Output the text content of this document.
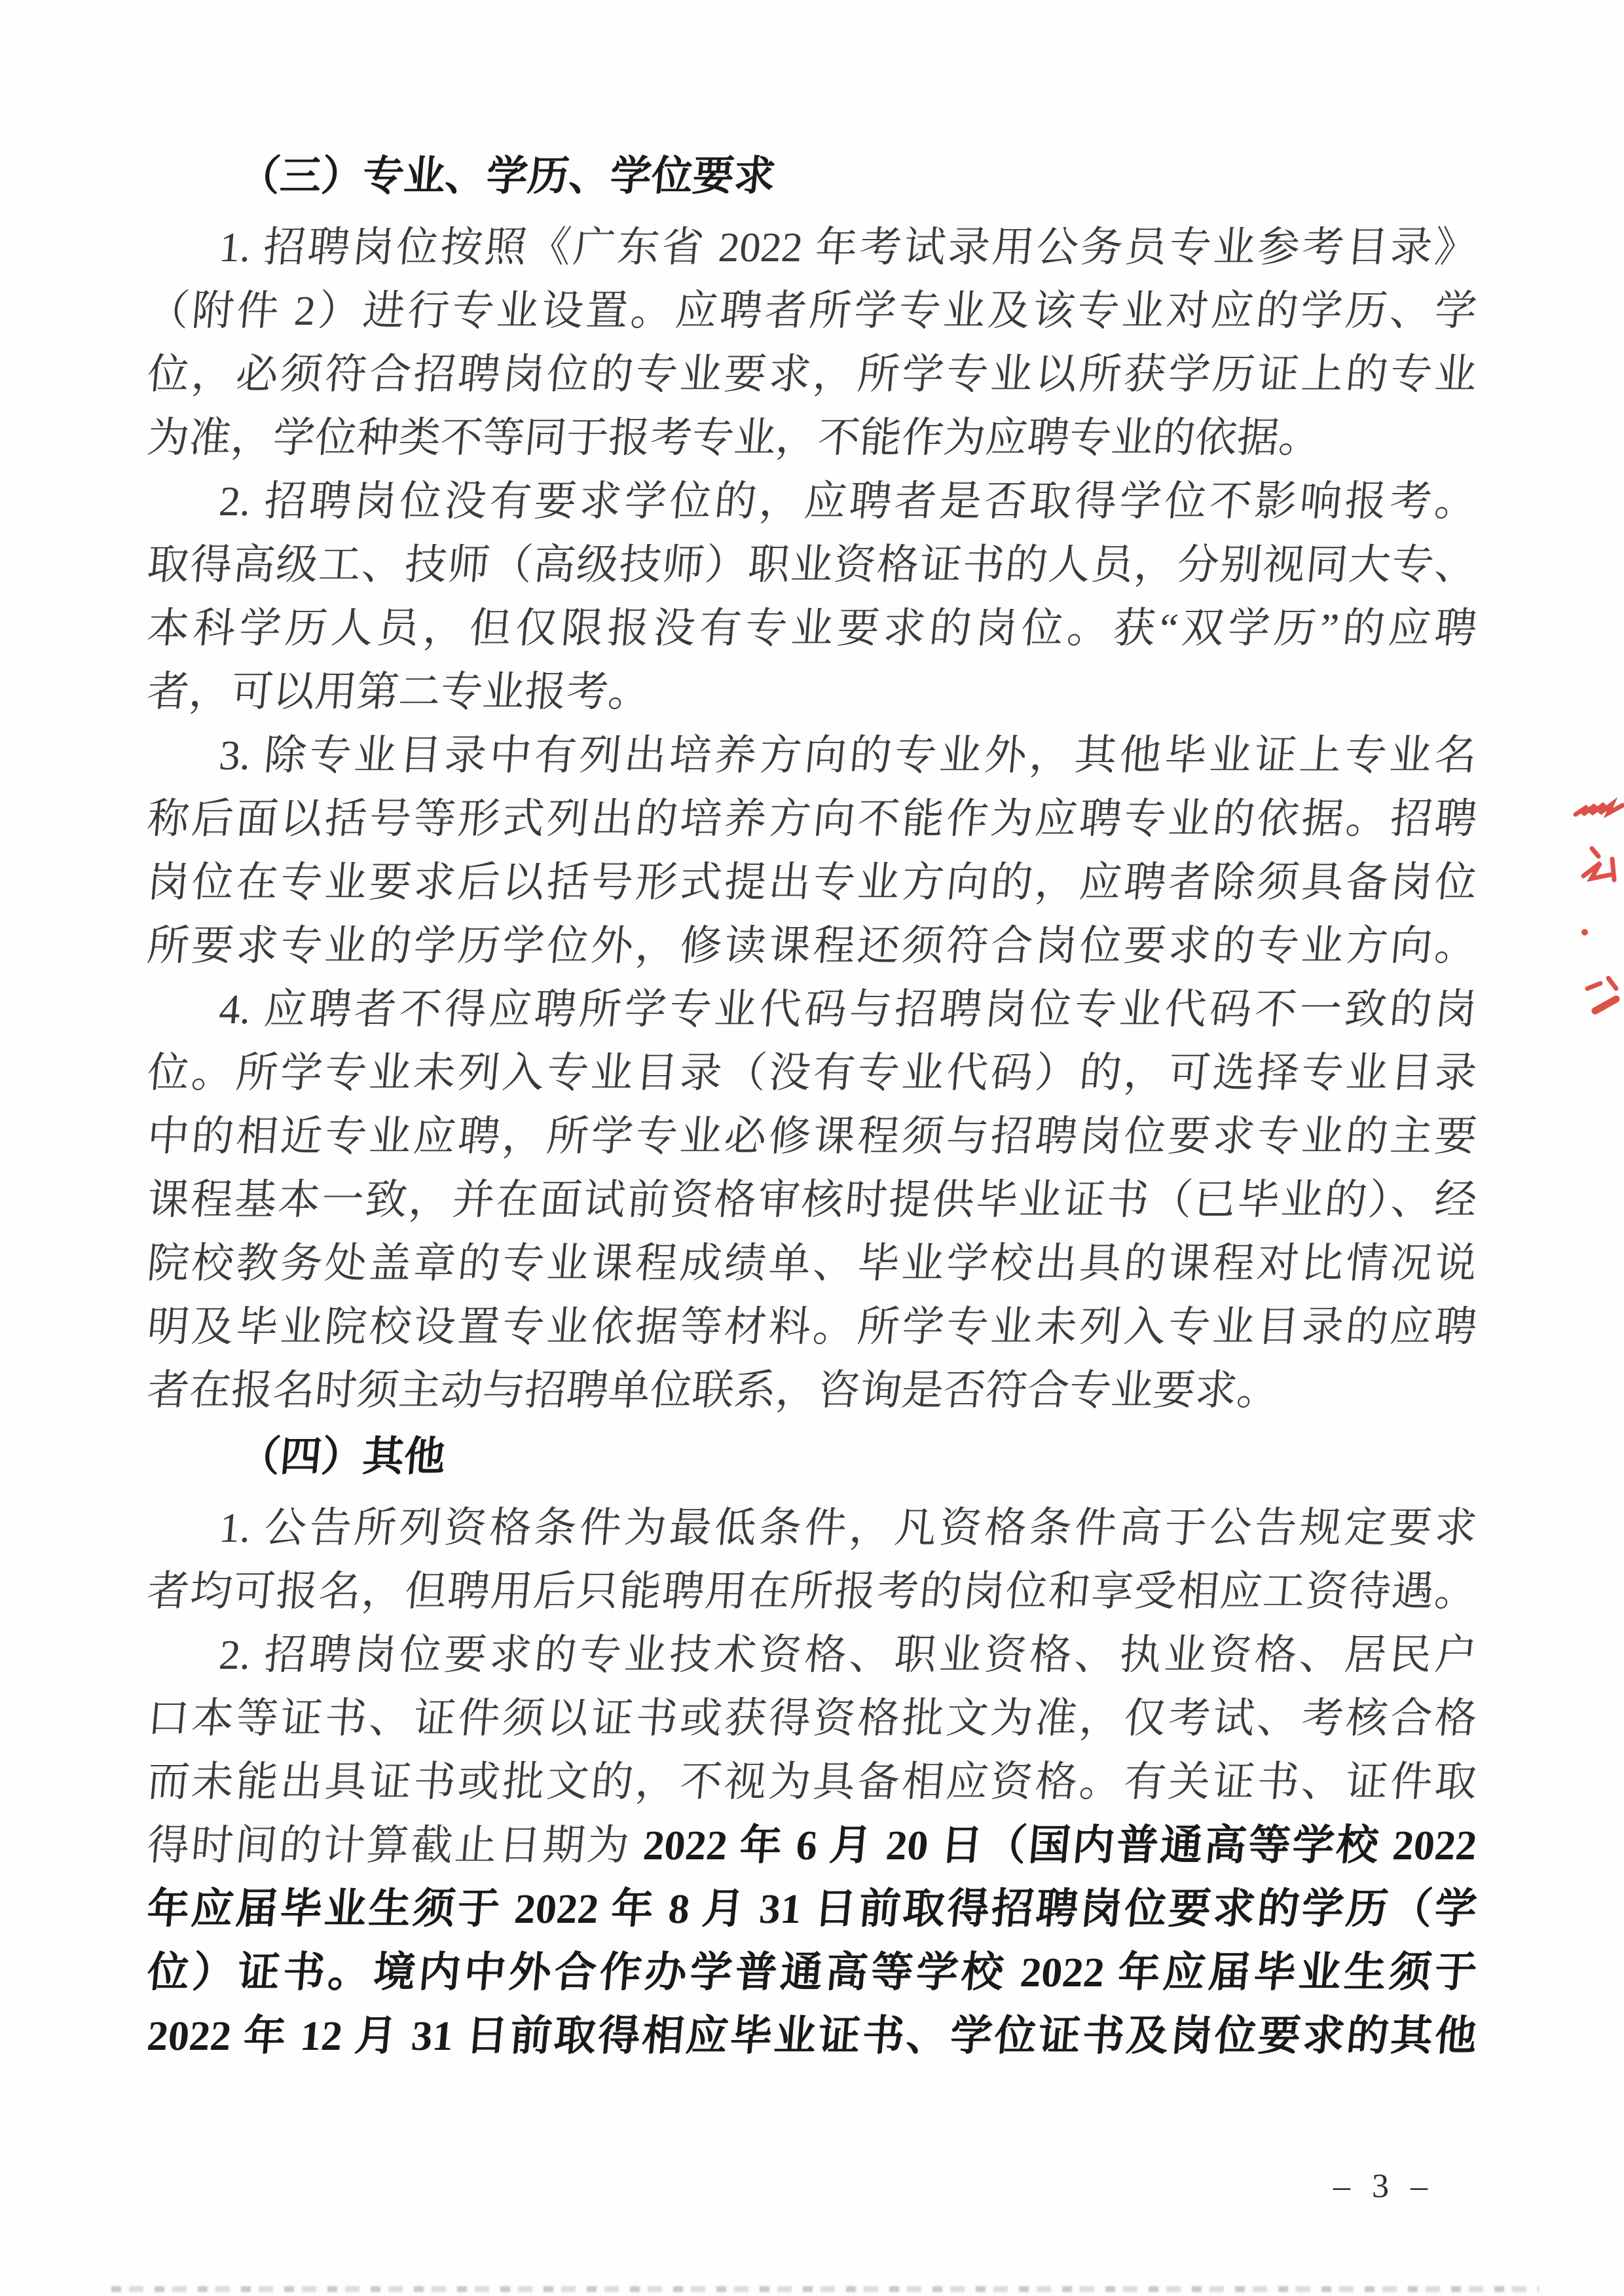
（三）专业、学历、学位要求
1. 招聘岗位按照《广东省 2022 年考试录用公务员专业参考目录》
（附件 2）进行专业设置。应聘者所学专业及该专业对应的学历、学
位，必须符合招聘岗位的专业要求，所学专业以所获学历证上的专业
为准，学位种类不等同于报考专业，不能作为应聘专业的依据。
2. 招聘岗位没有要求学位的，应聘者是否取得学位不影响报考。
取得高级工、技师（高级技师）职业资格证书的人员，分别视同大专、
本科学历人员，但仅限报没有专业要求的岗位。获“双学历”的应聘
者，可以用第二专业报考。
3. 除专业目录中有列出培养方向的专业外，其他毕业证上专业名
称后面以括号等形式列出的培养方向不能作为应聘专业的依据。招聘
岗位在专业要求后以括号形式提出专业方向的，应聘者除须具备岗位
所要求专业的学历学位外，修读课程还须符合岗位要求的专业方向。
4. 应聘者不得应聘所学专业代码与招聘岗位专业代码不一致的岗
位。所学专业未列入专业目录（没有专业代码）的，可选择专业目录
中的相近专业应聘，所学专业必修课程须与招聘岗位要求专业的主要
课程基本一致，并在面试前资格审核时提供毕业证书（已毕业的）、经
院校教务处盖章的专业课程成绩单、毕业学校出具的课程对比情况说
明及毕业院校设置专业依据等材料。所学专业未列入专业目录的应聘
者在报名时须主动与招聘单位联系，咨询是否符合专业要求。
（四）其他
1. 公告所列资格条件为最低条件，凡资格条件高于公告规定要求
者均可报名，但聘用后只能聘用在所报考的岗位和享受相应工资待遇。
2. 招聘岗位要求的专业技术资格、职业资格、执业资格、居民户
口本等证书、证件须以证书或获得资格批文为准，仅考试、考核合格
而未能出具证书或批文的，不视为具备相应资格。有关证书、证件取
得时间的计算截止日期为 2022 年 6 月 20 日（国内普通高等学校 2022
年应届毕业生须于 2022 年 8 月 31 日前取得招聘岗位要求的学历（学
位）证书。境内中外合作办学普通高等学校 2022 年应届毕业生须于
2022 年 12 月 31 日前取得相应毕业证书、学位证书及岗位要求的其他
– 3 –
